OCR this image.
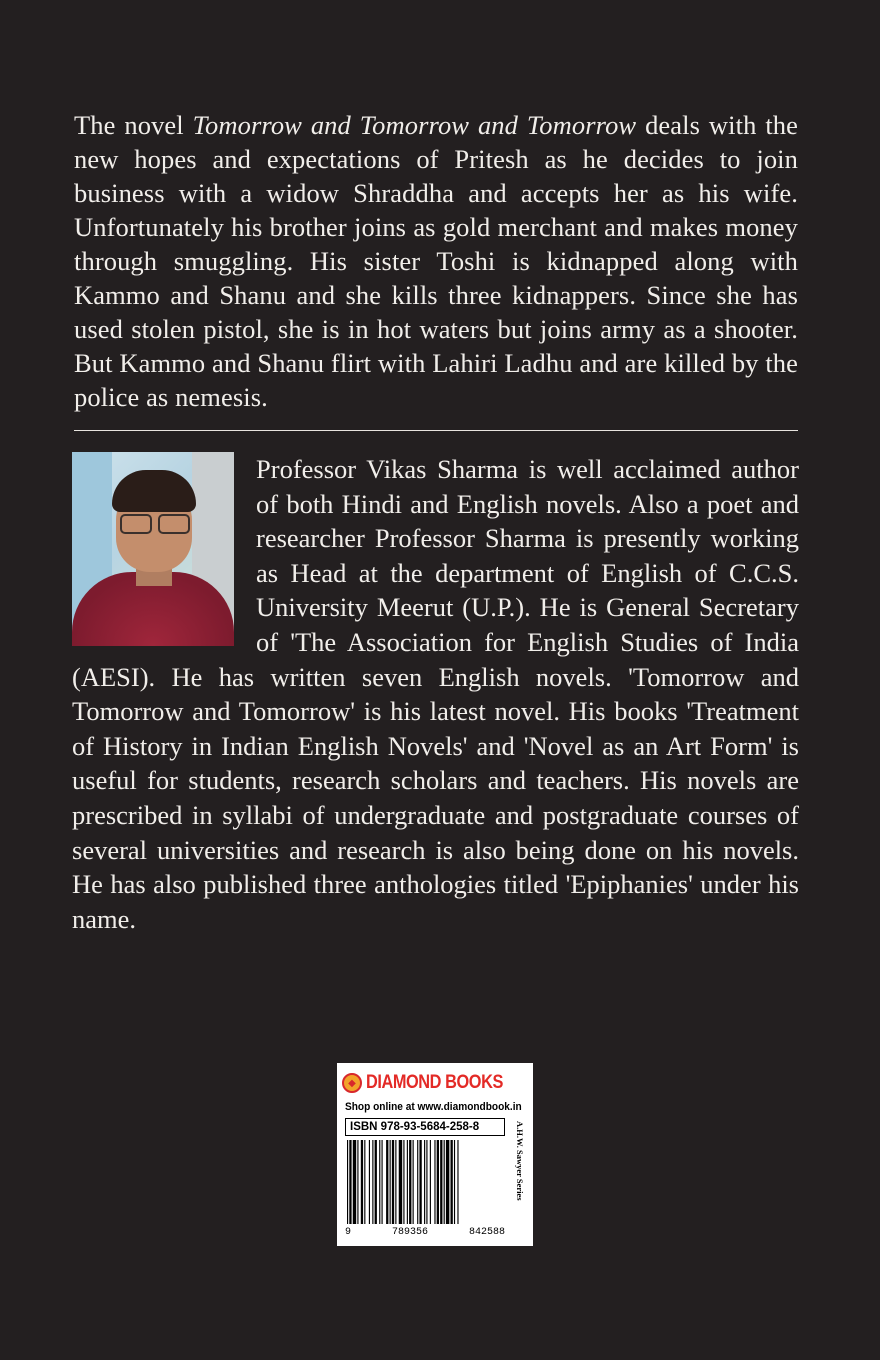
The novel Tomorrow and Tomorrow and Tomorrow deals with the new hopes and expectations of Pritesh as he decides to join business with a widow Shraddha and accepts her as his wife. Unfortunately his brother joins as gold merchant and makes money through smuggling. His sister Toshi is kidnapped along with Kammo and Shanu and she kills three kidnappers. Since she has used stolen pistol, she is in hot waters but joins army as a shooter. But Kammo and Shanu flirt with Lahiri Ladhu and are killed by the police as nemesis.

Professor Vikas Sharma is well acclaimed author of both Hindi and English novels. Also a poet and researcher Professor Sharma is presently working as Head at the department of English of C.C.S. University Meerut (U.P.). He is General Secretary of 'The Association for English Studies of India (AESI). He has written seven English novels. 'Tomorrow and Tomorrow and Tomorrow' is his latest novel. His books 'Treatment of History in Indian English Novels' and 'Novel as an Art Form' is useful for students, research scholars and teachers. His novels are prescribed in syllabi of undergraduate and postgraduate courses of several universities and research is also being done on his novels. He has also published three anthologies titled 'Epiphanies' under his name.

◆ DIAMOND BOOKS
Shop online at www.diamondbook.in
ISBN 978-93-5684-258-8
9	789356	842588
A.H.W. Sawyer Series
